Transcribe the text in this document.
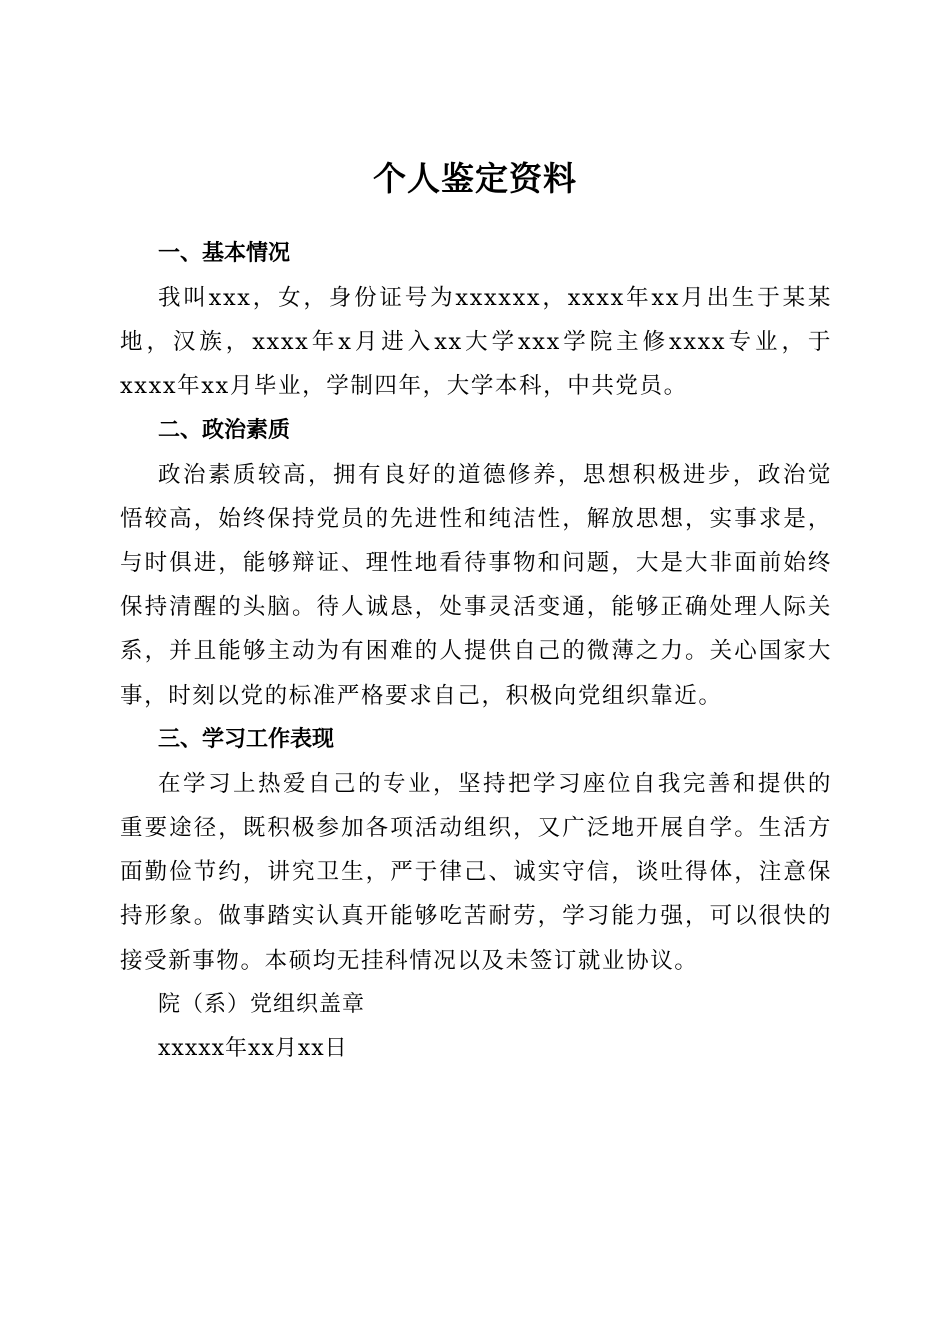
个人鉴定资料
一、基本情况

我叫xxx，女，身份证号为xxxxxx，xxxx年xx月出生于某某地，汉族，xxxx年x月进入xx大学xxx学院主修xxxx专业，于xxxx年xx月毕业，学制四年，大学本科，中共党员。

二、政治素质

政治素质较高，拥有良好的道德修养，思想积极进步，政治觉悟较高，始终保持党员的先进性和纯洁性，解放思想，实事求是，与时俱进，能够辩证、理性地看待事物和问题，大是大非面前始终保持清醒的头脑。待人诚恳，处事灵活变通，能够正确处理人际关系，并且能够主动为有困难的人提供自己的微薄之力。关心国家大事，时刻以党的标准严格要求自己，积极向党组织靠近。

三、学习工作表现

在学习上热爱自己的专业，坚持把学习座位自我完善和提供的重要途径，既积极参加各项活动组织，又广泛地开展自学。生活方面勤俭节约，讲究卫生，严于律己、诚实守信，谈吐得体，注意保持形象。做事踏实认真开能够吃苦耐劳，学习能力强，可以很快的接受新事物。本硕均无挂科情况以及未签订就业协议。

院（系）党组织盖章

xxxxx年xx月xx日
